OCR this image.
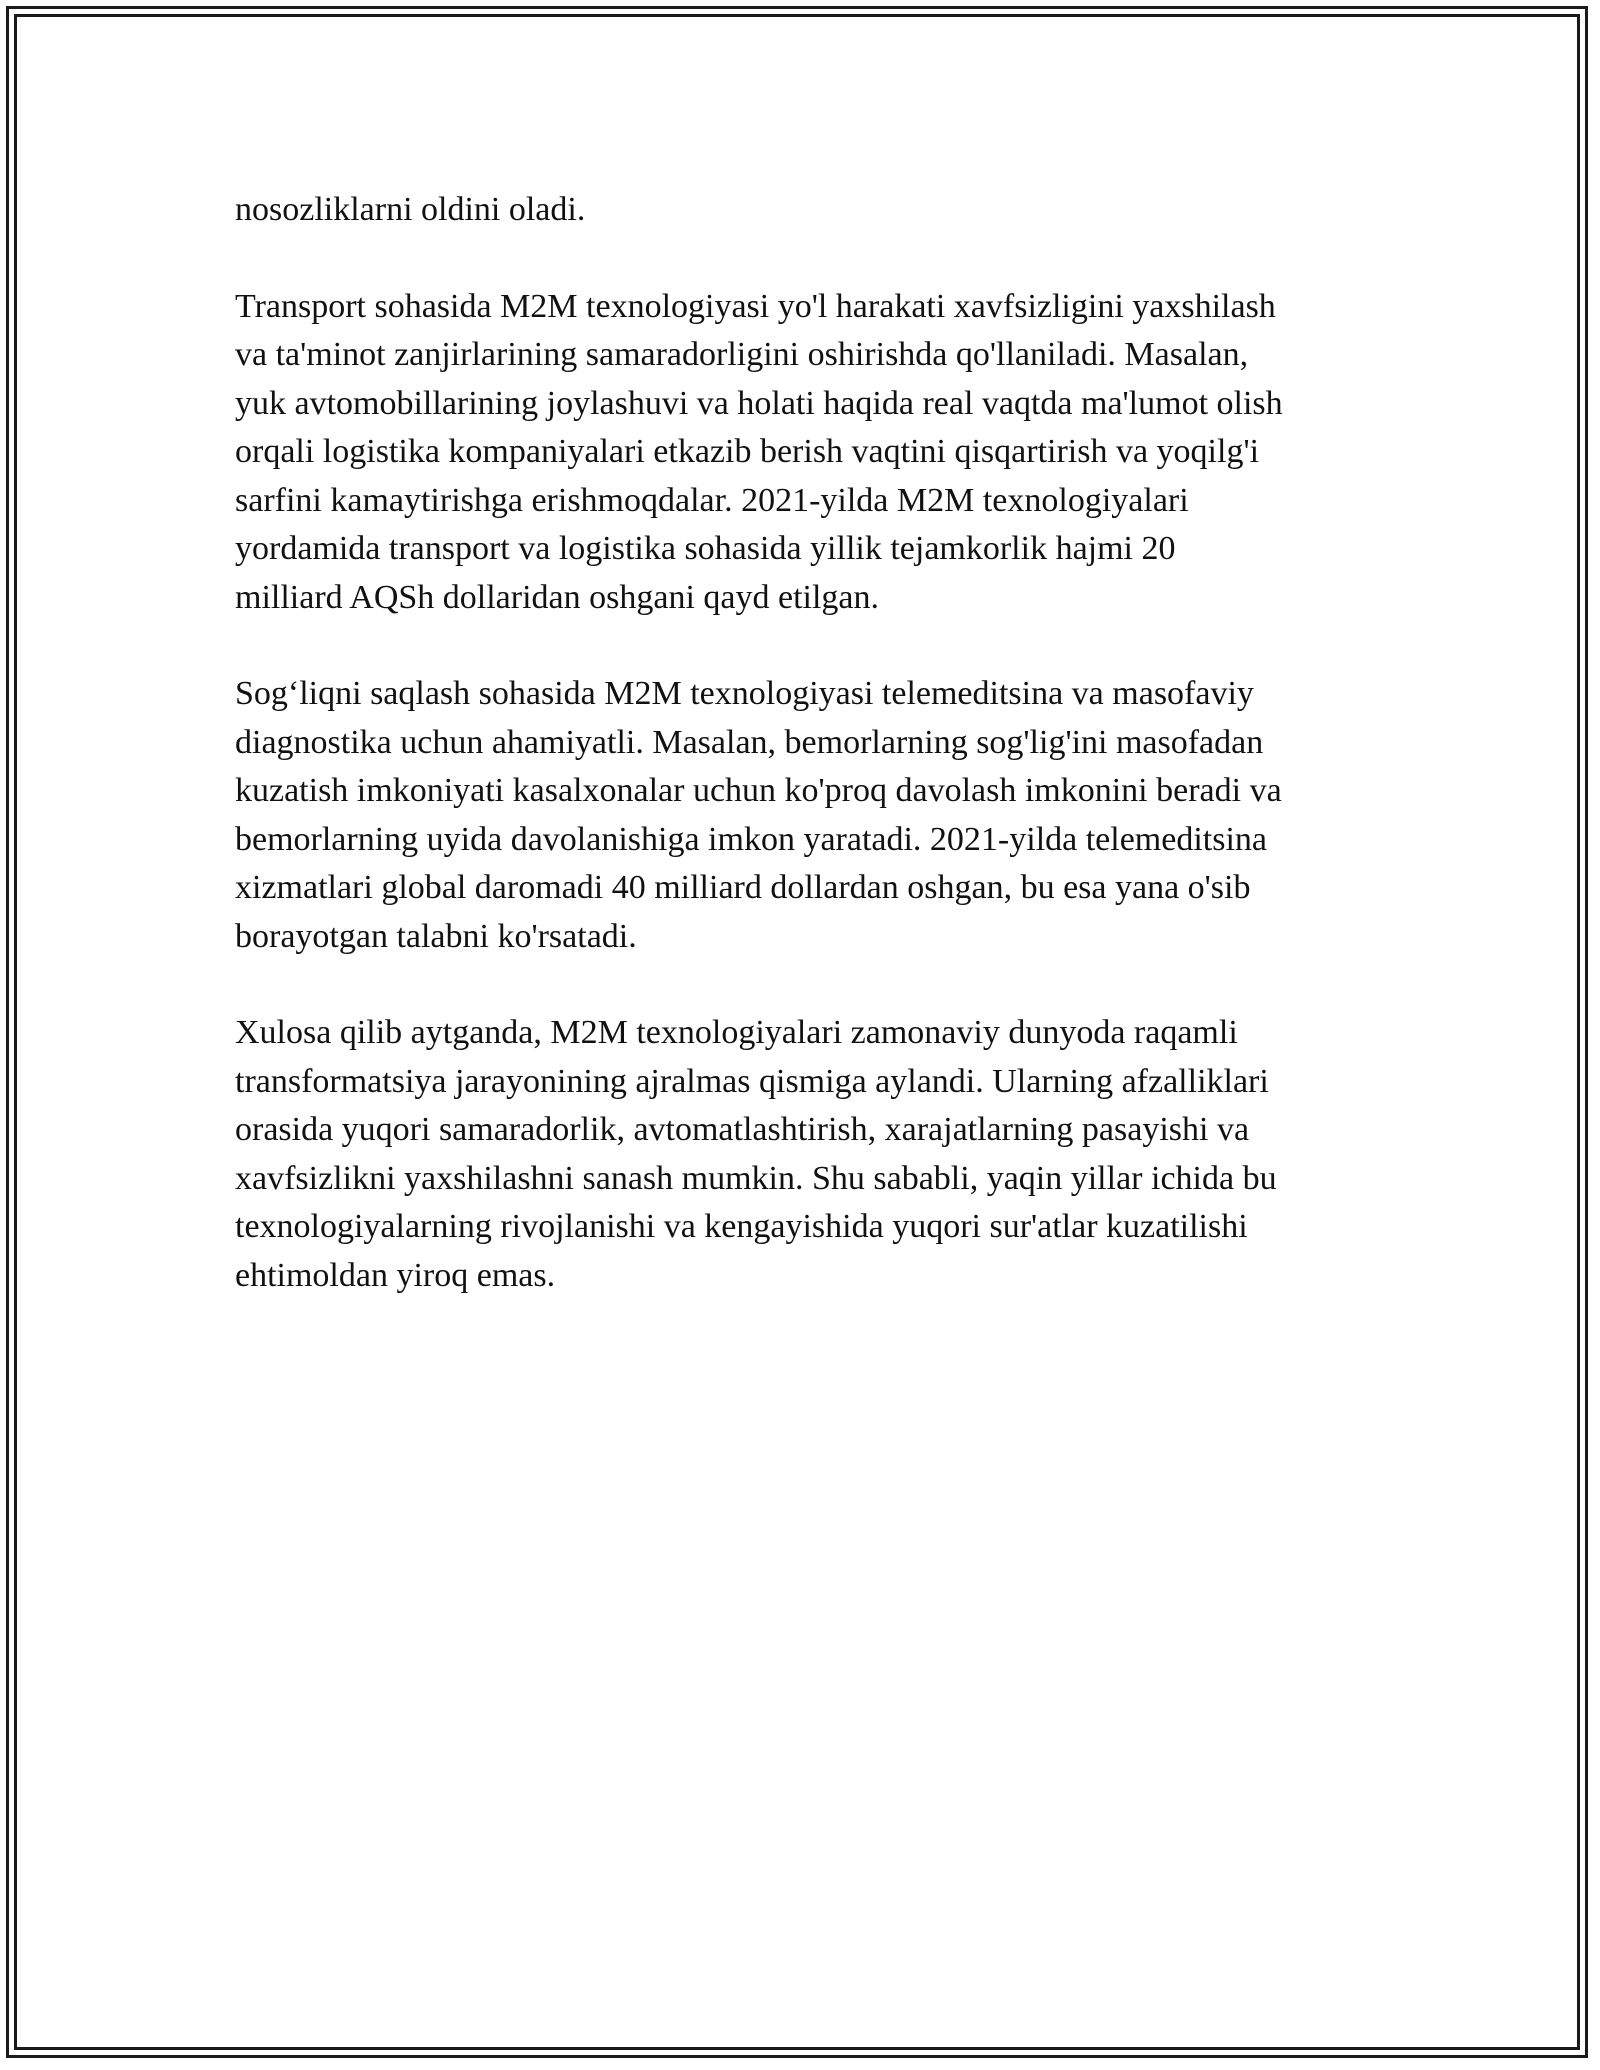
nosozliklarni oldini oladi.

Transport sohasida M2M texnologiyasi yo'l harakati xavfsizligini yaxshilash
va ta'minot zanjirlarining samaradorligini oshirishda qo'llaniladi. Masalan,
yuk avtomobillarining joylashuvi va holati haqida real vaqtda ma'lumot olish
orqali logistika kompaniyalari etkazib berish vaqtini qisqartirish va yoqilg'i
sarfini kamaytirishga erishmoqdalar. 2021-yilda M2M texnologiyalari
yordamida transport va logistika sohasida yillik tejamkorlik hajmi 20
milliard AQSh dollaridan oshgani qayd etilgan.

Sog‘liqni saqlash sohasida M2M texnologiyasi telemeditsina va masofaviy
diagnostika uchun ahamiyatli. Masalan, bemorlarning sog'lig'ini masofadan
kuzatish imkoniyati kasalxonalar uchun ko'proq davolash imkonini beradi va
bemorlarning uyida davolanishiga imkon yaratadi. 2021-yilda telemeditsina
xizmatlari global daromadi 40 milliard dollardan oshgan, bu esa yana o'sib
borayotgan talabni ko'rsatadi.

Xulosa qilib aytganda, M2M texnologiyalari zamonaviy dunyoda raqamli
transformatsiya jarayonining ajralmas qismiga aylandi. Ularning afzalliklari
orasida yuqori samaradorlik, avtomatlashtirish, xarajatlarning pasayishi va
xavfsizlikni yaxshilashni sanash mumkin. Shu sababli, yaqin yillar ichida bu
texnologiyalarning rivojlanishi va kengayishida yuqori sur'atlar kuzatilishi
ehtimoldan yiroq emas.
